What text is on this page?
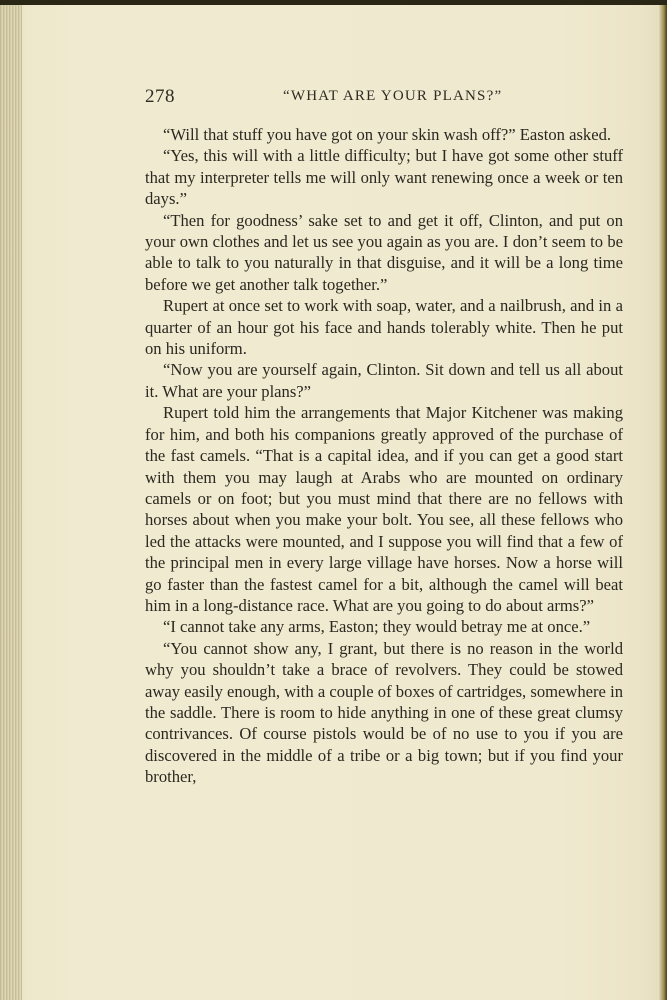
278	“WHAT ARE YOUR PLANS?”

“Will that stuff you have got on your skin wash off?” Easton asked.

“Yes, this will with a little difficulty; but I have got some other stuff that my interpreter tells me will only want renewing once a week or ten days.”

“Then for goodness’ sake set to and get it off, Clinton, and put on your own clothes and let us see you again as you are. I don’t seem to be able to talk to you naturally in that disguise, and it will be a long time before we get another talk together.”

Rupert at once set to work with soap, water, and a nailbrush, and in a quarter of an hour got his face and hands tolerably white. Then he put on his uniform.

“Now you are yourself again, Clinton. Sit down and tell us all about it. What are your plans?”

Rupert told him the arrangements that Major Kitchener was making for him, and both his companions greatly approved of the purchase of the fast camels. “That is a capital idea, and if you can get a good start with them you may laugh at Arabs who are mounted on ordinary camels or on foot; but you must mind that there are no fellows with horses about when you make your bolt. You see, all these fellows who led the attacks were mounted, and I suppose you will find that a few of the principal men in every large village have horses. Now a horse will go faster than the fastest camel for a bit, although the camel will beat him in a long-distance race. What are you going to do about arms?”

“I cannot take any arms, Easton; they would betray me at once.”

“You cannot show any, I grant, but there is no reason in the world why you shouldn’t take a brace of revolvers. They could be stowed away easily enough, with a couple of boxes of cartridges, somewhere in the saddle. There is room to hide anything in one of these great clumsy contrivances. Of course pistols would be of no use to you if you are discovered in the middle of a tribe or a big town; but if you find your brother,
